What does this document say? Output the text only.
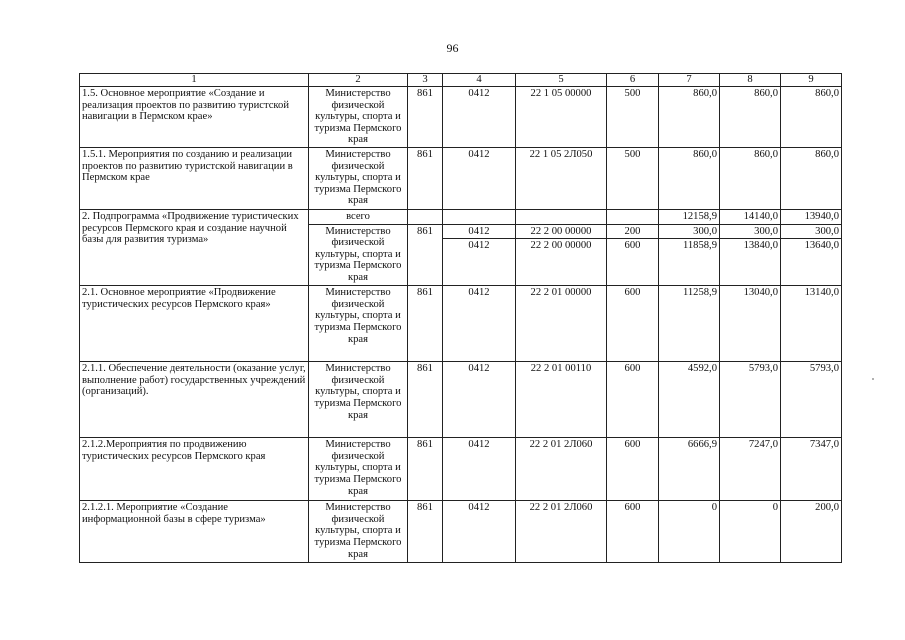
96
1	2	3	4	5	6	7	8	9
1.5. Основное мероприятие «Создание и реализация проектов по развитию туристской навигации в Пермском крае»	Министерство физической культуры, спорта и туризма Пермского края	861	0412	22 1 05 00000	500	860,0	860,0	860,0
1.5.1. Мероприятия по созданию и реализации проектов по развитию туристской навигации в Пермском крае	Министерство физической культуры, спорта и туризма Пермского края	861	0412	22 1 05 2Л050	500	860,0	860,0	860,0
2. Подпрограмма «Продвижение туристических ресурсов Пермского края и создание научной базы для развития туризма»	всего					12158,9	14140,0	13940,0
	Министерство физической культуры, спорта и туризма Пермского края	861	0412	22 2 00 00000	200	300,0	300,0	300,0
			0412	22 2 00 00000	600	11858,9	13840,0	13640,0
2.1. Основное мероприятие «Продвижение туристических ресурсов Пермского края»	Министерство физической культуры, спорта и туризма Пермского края	861	0412	22 2 01 00000	600	11258,9	13040,0	13140,0
2.1.1. Обеспечение деятельности (оказание услуг, выполнение работ) государственных учреждений (организаций).	Министерство физической культуры, спорта и туризма Пермского края	861	0412	22 2 01 00110	600	4592,0	5793,0	5793,0
2.1.2.Мероприятия по продвижению туристических ресурсов Пермского края	Министерство физической культуры, спорта и туризма Пермского края	861	0412	22 2 01 2Л060	600	6666,9	7247,0	7347,0
2.1.2.1. Мероприятие «Создание информационной базы в сфере туризма»	Министерство физической культуры, спорта и туризма Пермского края	861	0412	22 2 01 2Л060	600	0	0	200,0
